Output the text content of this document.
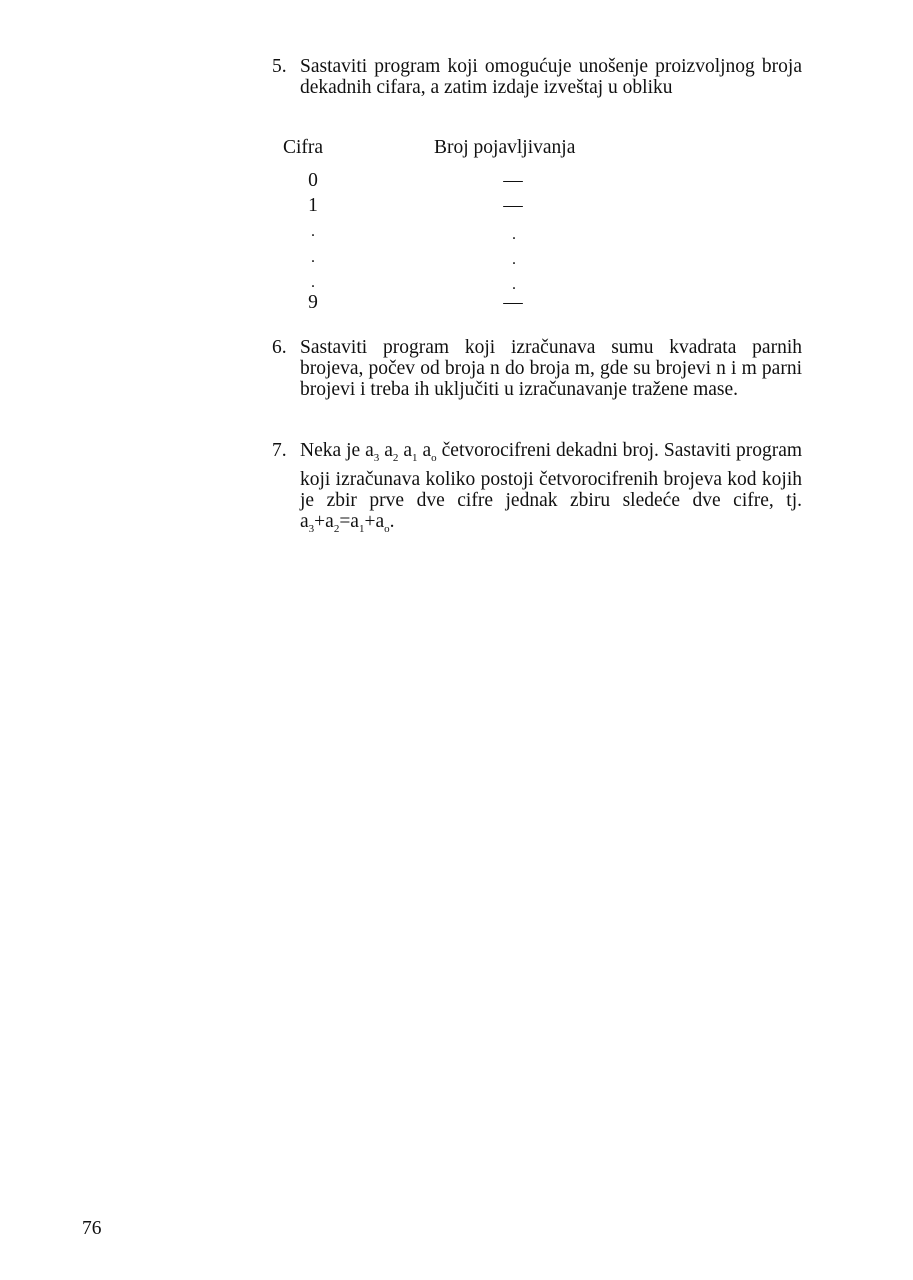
5. Sastaviti program koji omogućuje unošenje proizvoljnog broja dekadnih cifara, a zatim izdaje izveštaj u obliku
Cifra	Broj pojavljivanja
0	—
1	—
.	.
.	.
.	.
9	—
6. Sastaviti program koji izračunava sumu kvadrata parnih brojeva, počev od broja n do broja m, gde su brojevi n i m parni brojevi i treba ih uključiti u izračunavanje tražene mase.
7. Neka je $a_3$ $a_2$ $a_1$ $a_o$ četvorocifreni dekadni broj. Sastaviti program koji izračunava koliko postoji četvorocifrenih brojeva kod kojih je zbir prve dve cifre jednak zbiru sledeće dve cifre, tj. $a_3+a_2=a_1+a_o$.
76
